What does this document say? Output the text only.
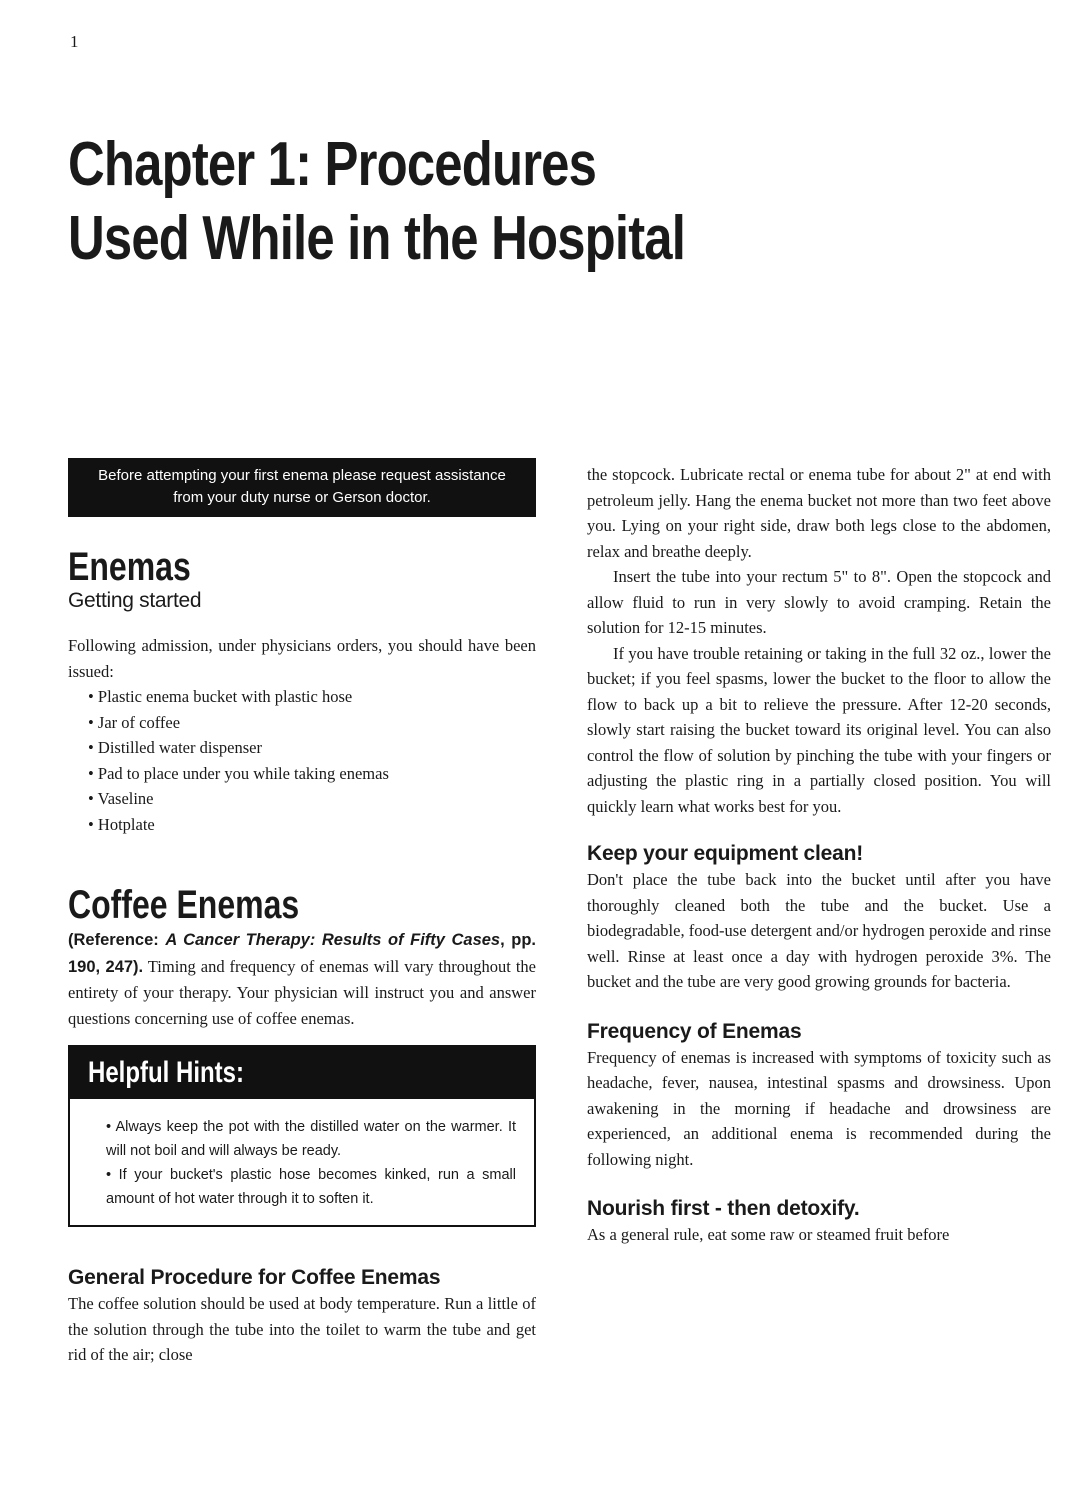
1
Chapter 1: Procedures Used While in the Hospital
Before attempting your first enema please request assistance from your duty nurse or Gerson doctor.
Enemas
Getting started

Following admission, under physicians orders, you should have been issued:

• Plastic enema bucket with plastic hose
• Jar of coffee
• Distilled water dispenser
• Pad to place under you while taking enemas
• Vaseline
• Hotplate
Coffee Enemas

(Reference: A Cancer Therapy: Results of Fifty Cases, pp. 190, 247). Timing and frequency of enemas will vary throughout the entirety of your therapy. Your physician will instruct you and answer questions concerning use of coffee enemas.

Helpful Hints:
• Always keep the pot with the distilled water on the warmer. It will not boil and will always be ready.
• If your bucket's plastic hose becomes kinked, run a small amount of hot water through it to soften it.
General Procedure for Coffee Enemas

The coffee solution should be used at body temperature. Run a little of the solution through the tube into the toilet to warm the tube and get rid of the air; close

the stopcock. Lubricate rectal or enema tube for about 2" at end with petroleum jelly. Hang the enema bucket not more than two feet above you. Lying on your right side, draw both legs close to the abdomen, relax and breathe deeply.

Insert the tube into your rectum 5" to 8". Open the stopcock and allow fluid to run in very slowly to avoid cramping. Retain the solution for 12-15 minutes.

If you have trouble retaining or taking in the full 32 oz., lower the bucket; if you feel spasms, lower the bucket to the floor to allow the flow to back up a bit to relieve the pressure. After 12-20 seconds, slowly start raising the bucket toward its original level. You can also control the flow of solution by pinching the tube with your fingers or adjusting the plastic ring in a partially closed position. You will quickly learn what works best for you.

Keep your equipment clean!

Don't place the tube back into the bucket until after you have thoroughly cleaned both the tube and the bucket. Use a biodegradable, food-use detergent and/or hydrogen peroxide and rinse well. Rinse at least once a day with hydrogen peroxide 3%. The bucket and the tube are very good growing grounds for bacteria.

Frequency of Enemas

Frequency of enemas is increased with symptoms of toxicity such as headache, fever, nausea, intestinal spasms and drowsiness. Upon awakening in the morning if headache and drowsiness are experienced, an additional enema is recommended during the following night.

Nourish first - then detoxify.

As a general rule, eat some raw or steamed fruit before
